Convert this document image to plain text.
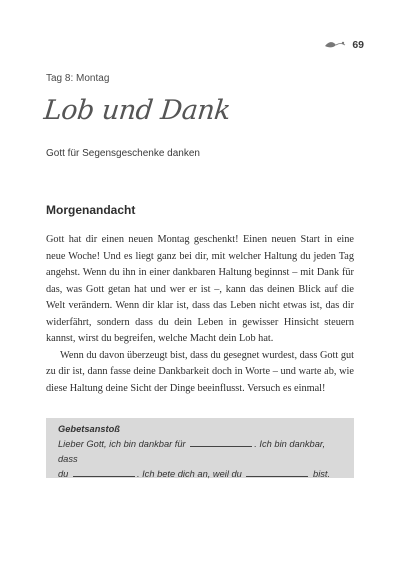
69
Tag 8: Montag
Lob und Dank
Gott für Segensgeschenke danken
Morgenandacht

Gott hat dir einen neuen Montag geschenkt! Einen neuen Start in eine neue Woche! Und es liegt ganz bei dir, mit welcher Haltung du jeden Tag angehst. Wenn du ihn in einer dankbaren Haltung beginnst – mit Dank für das, was Gott getan hat und wer er ist –, kann das deinen Blick auf die Welt verändern. Wenn dir klar ist, dass das Leben nicht etwas ist, das dir widerfährt, sondern dass du dein Leben in gewisser Hinsicht steuern kannst, wirst du begreifen, welche Macht dein Lob hat.

Wenn du davon überzeugt bist, dass du gesegnet wurdest, dass Gott gut zu dir ist, dann fasse deine Dankbarkeit doch in Worte – und warte ab, wie diese Haltung deine Sicht der Dinge beeinflusst. Versuch es einmal!

Gebetsanstoß
Lieber Gott, ich bin dankbar für	. Ich bin dankbar, dass
du	. Ich bete dich an, weil du	bist.
